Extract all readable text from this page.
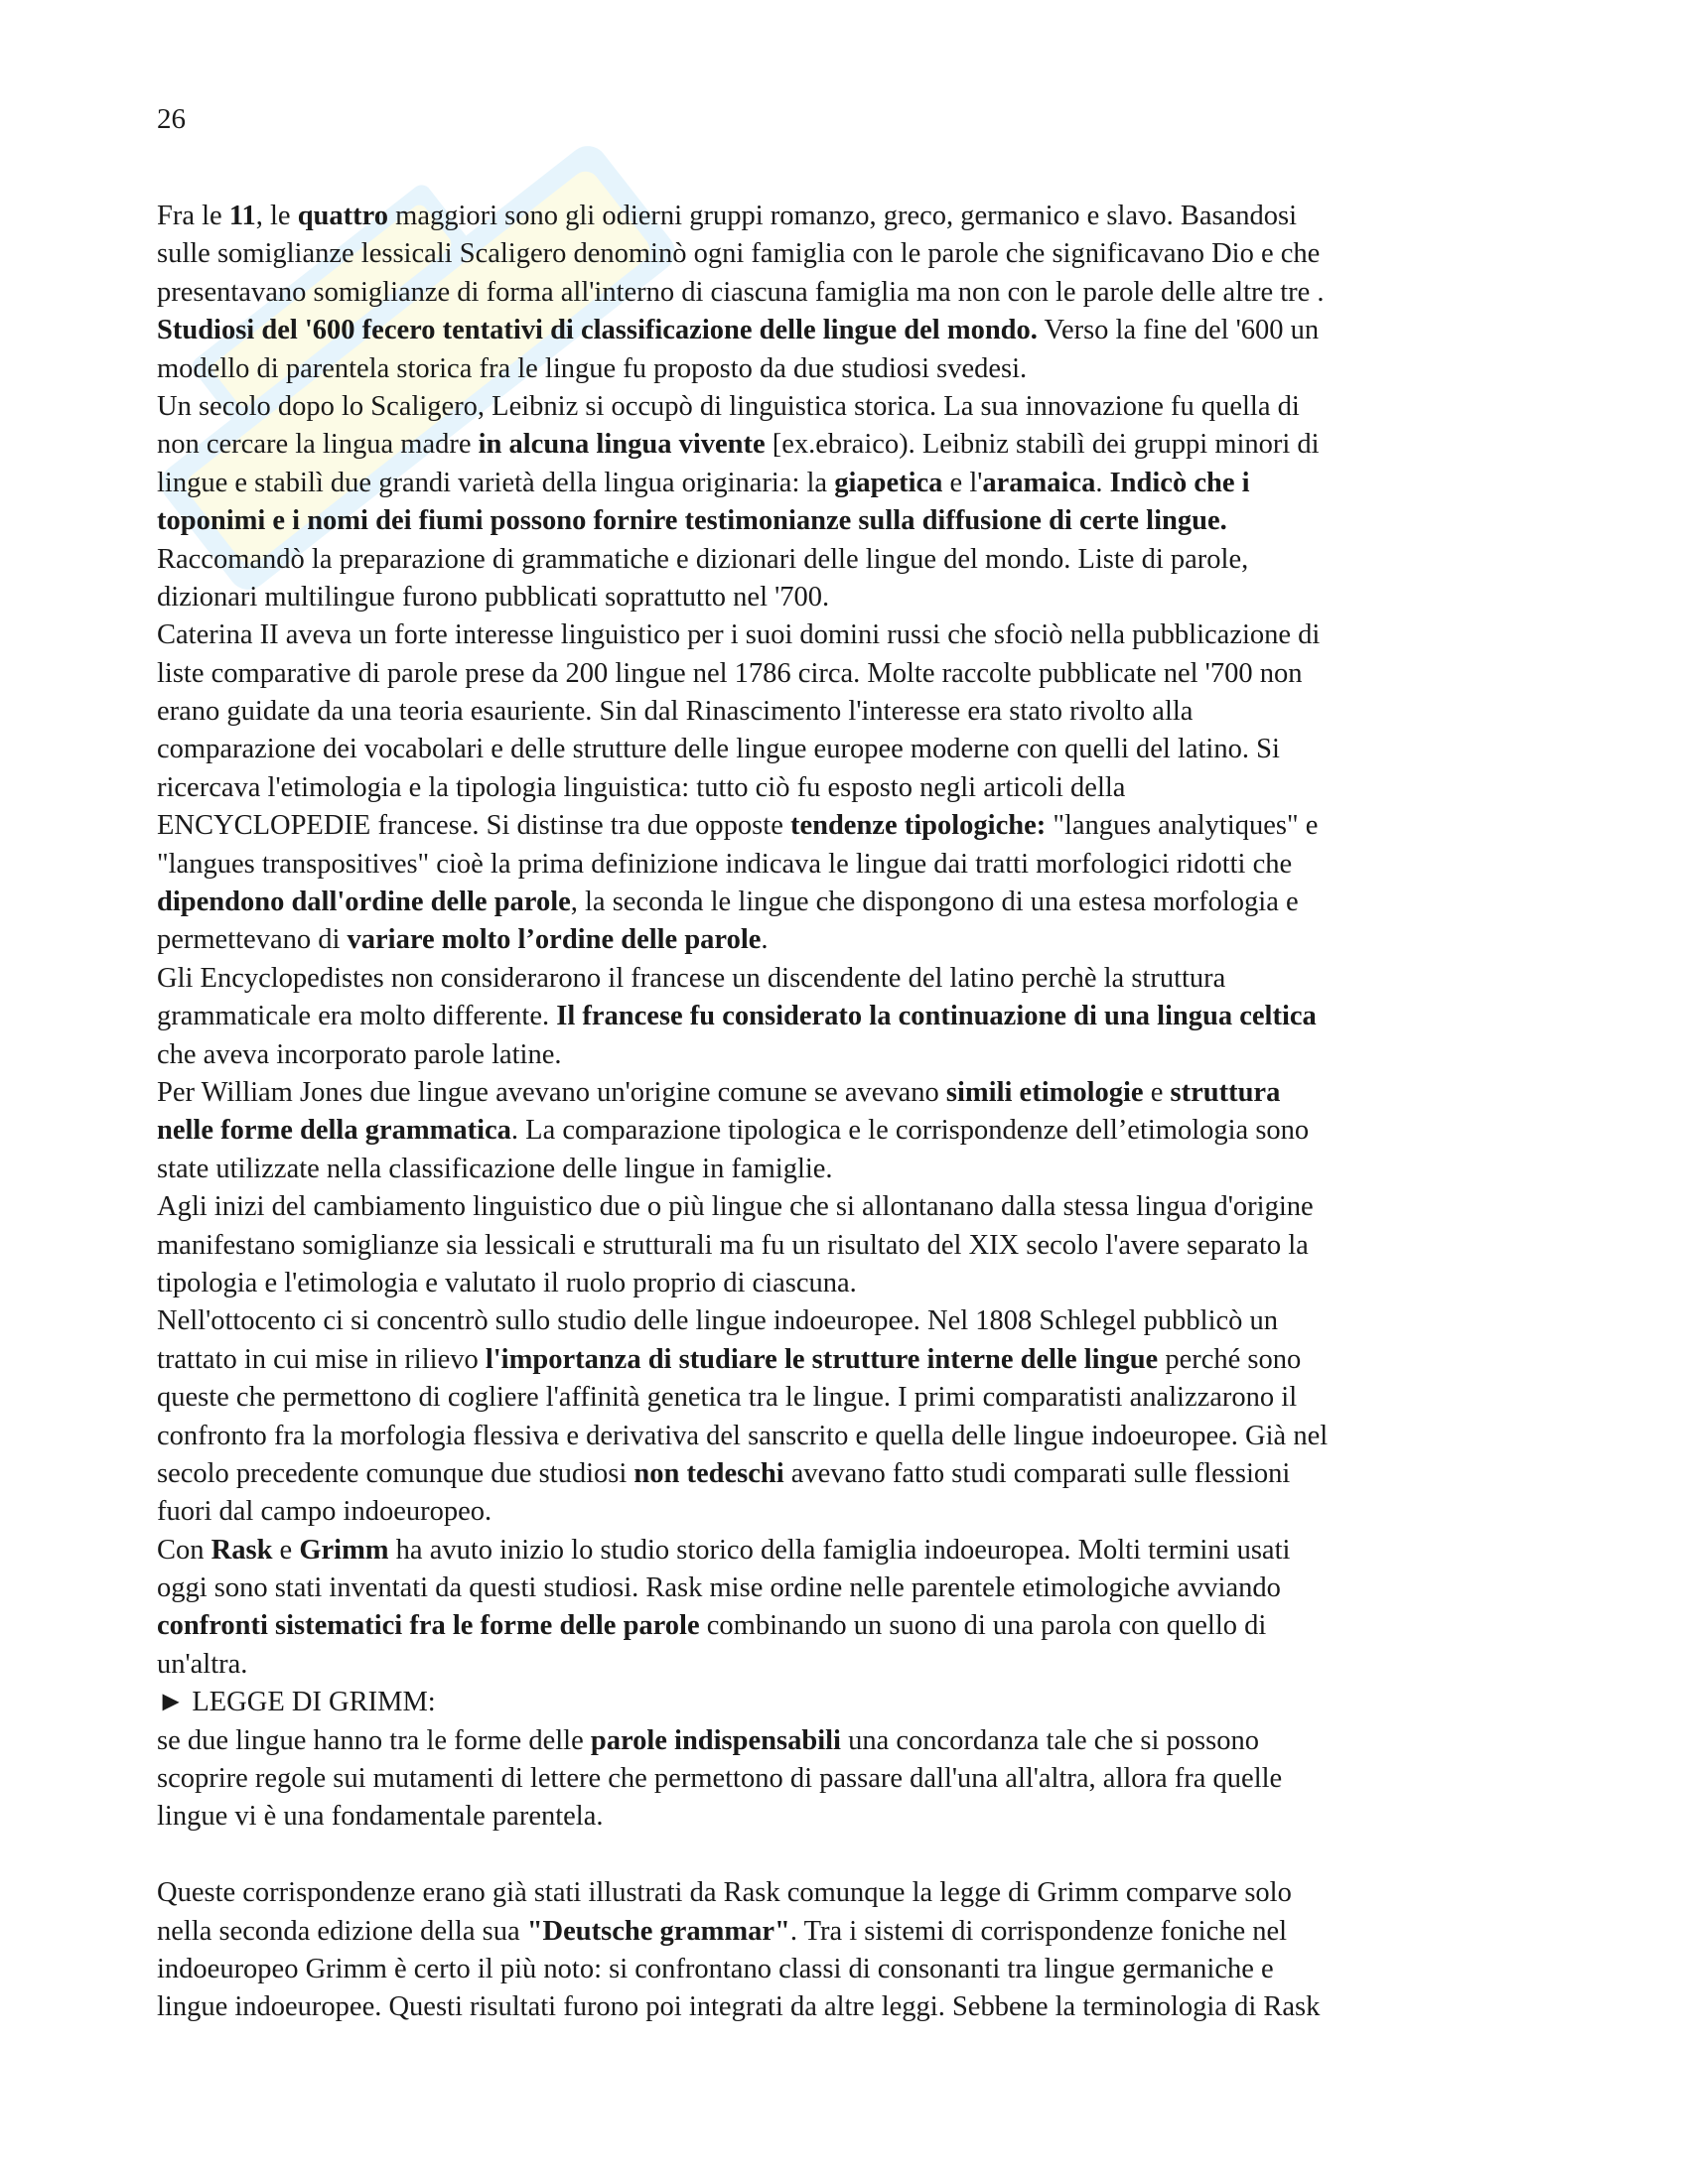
26
Fra le 11, le quattro maggiori sono gli odierni gruppi romanzo, greco, germanico e slavo. Basandosi
sulle somiglianze lessicali Scaligero denominò ogni famiglia con le parole che significavano Dio e che
presentavano somiglianze di forma all'interno di ciascuna famiglia ma non con le parole delle altre tre .
Studiosi del '600 fecero tentativi di classificazione delle lingue del mondo. Verso la fine del '600 un
modello di parentela storica fra le lingue fu proposto da due studiosi svedesi.
Un secolo dopo lo Scaligero, Leibniz si occupò di linguistica storica. La sua innovazione fu quella di
non cercare la lingua madre in alcuna lingua vivente [ex.ebraico). Leibniz stabilì dei gruppi minori di
lingue e stabilì due grandi varietà della lingua originaria: la giapetica e l'aramaica. Indicò che i
toponimi e i nomi dei fiumi possono fornire testimonianze sulla diffusione di certe lingue.
Raccomandò la preparazione di grammatiche e dizionari delle lingue del mondo. Liste di parole,
dizionari multilingue furono pubblicati soprattutto nel '700.
Caterina II aveva un forte interesse linguistico per i suoi domini russi che sfociò nella pubblicazione di
liste comparative di parole prese da 200 lingue nel 1786 circa. Molte raccolte pubblicate nel '700 non
erano guidate da una teoria esauriente. Sin dal Rinascimento l'interesse era stato rivolto alla
comparazione dei vocabolari e delle strutture delle lingue europee moderne con quelli del latino. Si
ricercava l'etimologia e la tipologia linguistica: tutto ciò fu esposto negli articoli della
ENCYCLOPEDIE francese. Si distinse tra due opposte tendenze tipologiche: "langues analytiques" e
"langues transpositives" cioè la prima definizione indicava le lingue dai tratti morfologici ridotti che
dipendono dall'ordine delle parole, la seconda le lingue che dispongono di una estesa morfologia e
permettevano di variare molto l’ordine delle parole.
Gli Encyclopedistes non considerarono il francese un discendente del latino perchè la struttura
grammaticale era molto differente. Il francese fu considerato la continuazione di una lingua celtica
che aveva incorporato parole latine.
Per William Jones due lingue avevano un'origine comune se avevano simili etimologie e struttura
nelle forme della grammatica. La comparazione tipologica e le corrispondenze dell’etimologia sono
state utilizzate nella classificazione delle lingue in famiglie.
Agli inizi del cambiamento linguistico due o più lingue che si allontanano dalla stessa lingua d'origine
manifestano somiglianze sia lessicali e strutturali ma fu un risultato del XIX secolo l'avere separato la
tipologia e l'etimologia e valutato il ruolo proprio di ciascuna.
Nell'ottocento ci si concentrò sullo studio delle lingue indoeuropee. Nel 1808 Schlegel pubblicò un
trattato in cui mise in rilievo l'importanza di studiare le strutture interne delle lingue perché sono
queste che permettono di cogliere l'affinità genetica tra le lingue. I primi comparatisti analizzarono il
confronto fra la morfologia flessiva e derivativa del sanscrito e quella delle lingue indoeuropee. Già nel
secolo precedente comunque due studiosi non tedeschi avevano fatto studi comparati sulle flessioni
fuori dal campo indoeuropeo.
Con Rask e Grimm ha avuto inizio lo studio storico della famiglia indoeuropea. Molti termini usati
oggi sono stati inventati da questi studiosi. Rask mise ordine nelle parentele etimologiche avviando
confronti sistematici fra le forme delle parole combinando un suono di una parola con quello di
un'altra.
► LEGGE DI GRIMM:
se due lingue hanno tra le forme delle parole indispensabili una concordanza tale che si possono
scoprire regole sui mutamenti di lettere che permettono di passare dall'una all'altra, allora fra quelle
lingue vi è una fondamentale parentela.
Queste corrispondenze erano già stati illustrati da Rask comunque la legge di Grimm comparve solo
nella seconda edizione della sua "Deutsche grammar". Tra i sistemi di corrispondenze foniche nel
indoeuropeo Grimm è certo il più noto: si confrontano classi di consonanti tra lingue germaniche e
lingue indoeuropee. Questi risultati furono poi integrati da altre leggi. Sebbene la terminologia di Rask
